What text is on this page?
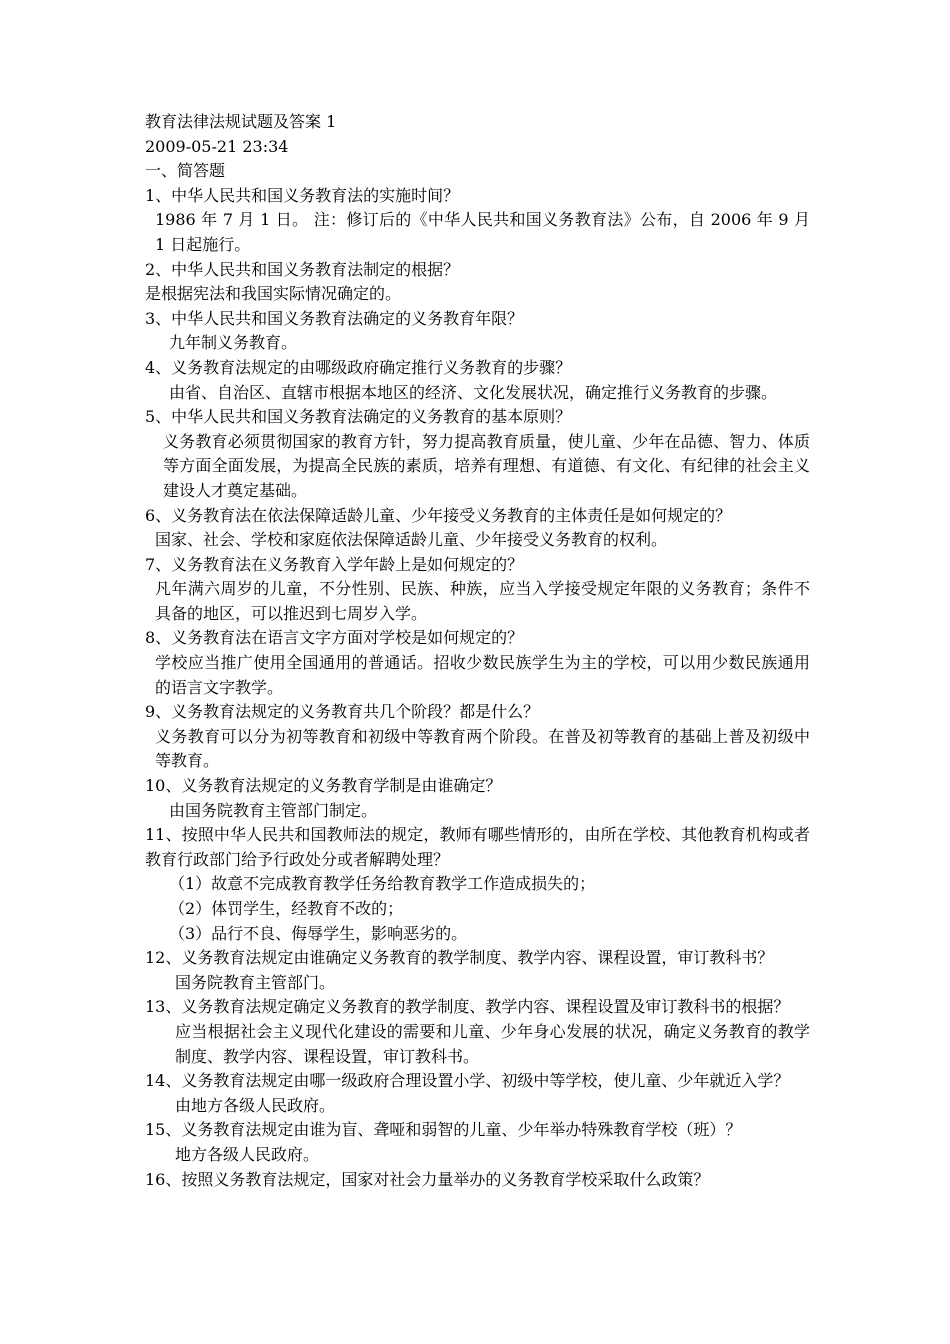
教育法律法规试题及答案 1
2009-05-21 23:34
一、简答题
1、中华人民共和国义务教育法的实施时间？
1986 年 7 月 1 日。 注：修订后的《中华人民共和国义务教育法》公布，自 2006 年 9 月 1 日起施行。
2、中华人民共和国义务教育法制定的根据？
是根据宪法和我国实际情况确定的。
3、中华人民共和国义务教育法确定的义务教育年限？
九年制义务教育。
4、义务教育法规定的由哪级政府确定推行义务教育的步骤？
由省、自治区、直辖市根据本地区的经济、文化发展状况，确定推行义务教育的步骤。
5、中华人民共和国义务教育法确定的义务教育的基本原则？
义务教育必须贯彻国家的教育方针，努力提高教育质量，使儿童、少年在品德、智力、体质等方面全面发展，为提高全民族的素质，培养有理想、有道德、有文化、有纪律的社会主义建设人才奠定基础。
6、义务教育法在依法保障适龄儿童、少年接受义务教育的主体责任是如何规定的？
国家、社会、学校和家庭依法保障适龄儿童、少年接受义务教育的权利。
7、义务教育法在义务教育入学年龄上是如何规定的？
凡年满六周岁的儿童，不分性别、民族、种族，应当入学接受规定年限的义务教育；条件不具备的地区，可以推迟到七周岁入学。
8、义务教育法在语言文字方面对学校是如何规定的？
学校应当推广使用全国通用的普通话。招收少数民族学生为主的学校，可以用少数民族通用的语言文字教学。
9、义务教育法规定的义务教育共几个阶段？都是什么？
义务教育可以分为初等教育和初级中等教育两个阶段。在普及初等教育的基础上普及初级中等教育。
10、义务教育法规定的义务教育学制是由谁确定？
由国务院教育主管部门制定。
11、按照中华人民共和国教师法的规定，教师有哪些情形的，由所在学校、其他教育机构或者教育行政部门给予行政处分或者解聘处理？
（1）故意不完成教育教学任务给教育教学工作造成损失的；
（2）体罚学生，经教育不改的；
（3）品行不良、侮辱学生，影响恶劣的。
12、义务教育法规定由谁确定义务教育的教学制度、教学内容、课程设置，审订教科书？
国务院教育主管部门。
13、义务教育法规定确定义务教育的教学制度、教学内容、课程设置及审订教科书的根据？
应当根据社会主义现代化建设的需要和儿童、少年身心发展的状况，确定义务教育的教学制度、教学内容、课程设置，审订教科书。
14、义务教育法规定由哪一级政府合理设置小学、初级中等学校，使儿童、少年就近入学？
由地方各级人民政府。
15、义务教育法规定由谁为盲、聋哑和弱智的儿童、少年举办特殊教育学校（班）？
地方各级人民政府。
16、按照义务教育法规定，国家对社会力量举办的义务教育学校采取什么政策？
